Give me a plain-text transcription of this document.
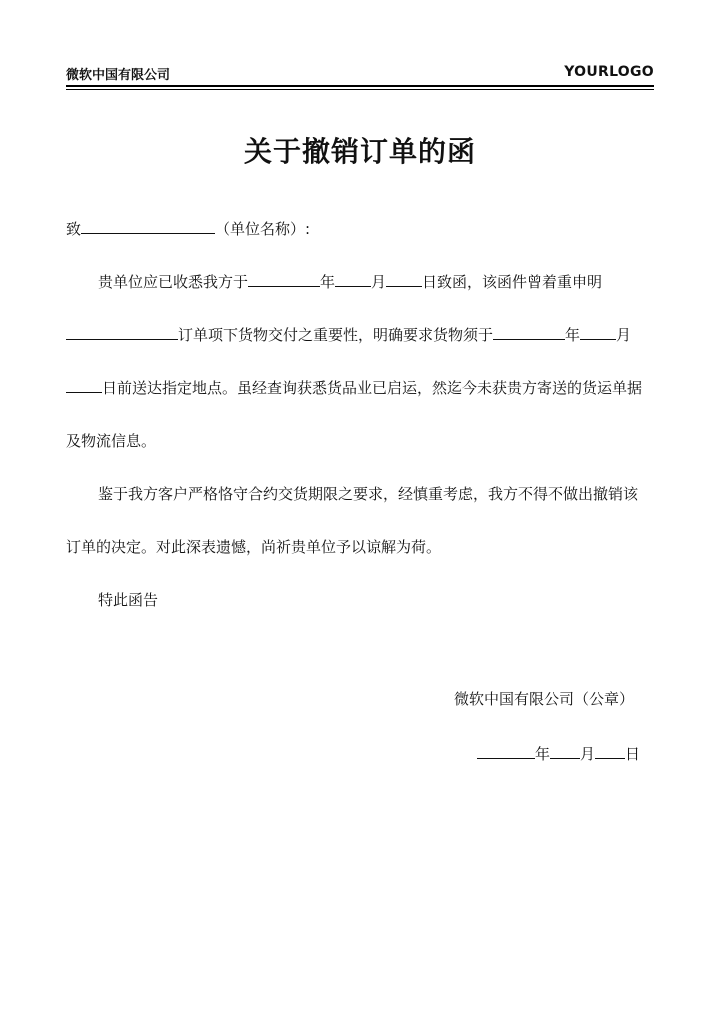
微软中国有限公司	YOURLOGO
关于撤销订单的函

致	（单位名称）:

贵单位应已收悉我方于	年 月 日致函，该函件曾着重申明订单项下货物交付之重要性，明确要求货物须于	年 月日前送达指定地点。虽经查询获悉货品业已启运，然迄今未获贵方寄送的货运单据及物流信息。

鉴于我方客户严格恪守合约交货期限之要求，经慎重考虑，我方不得不做出撤销该订单的决定。对此深表遗憾，尚祈贵单位予以谅解为荷。

特此函告

微软中国有限公司（公章）
年 月 日
